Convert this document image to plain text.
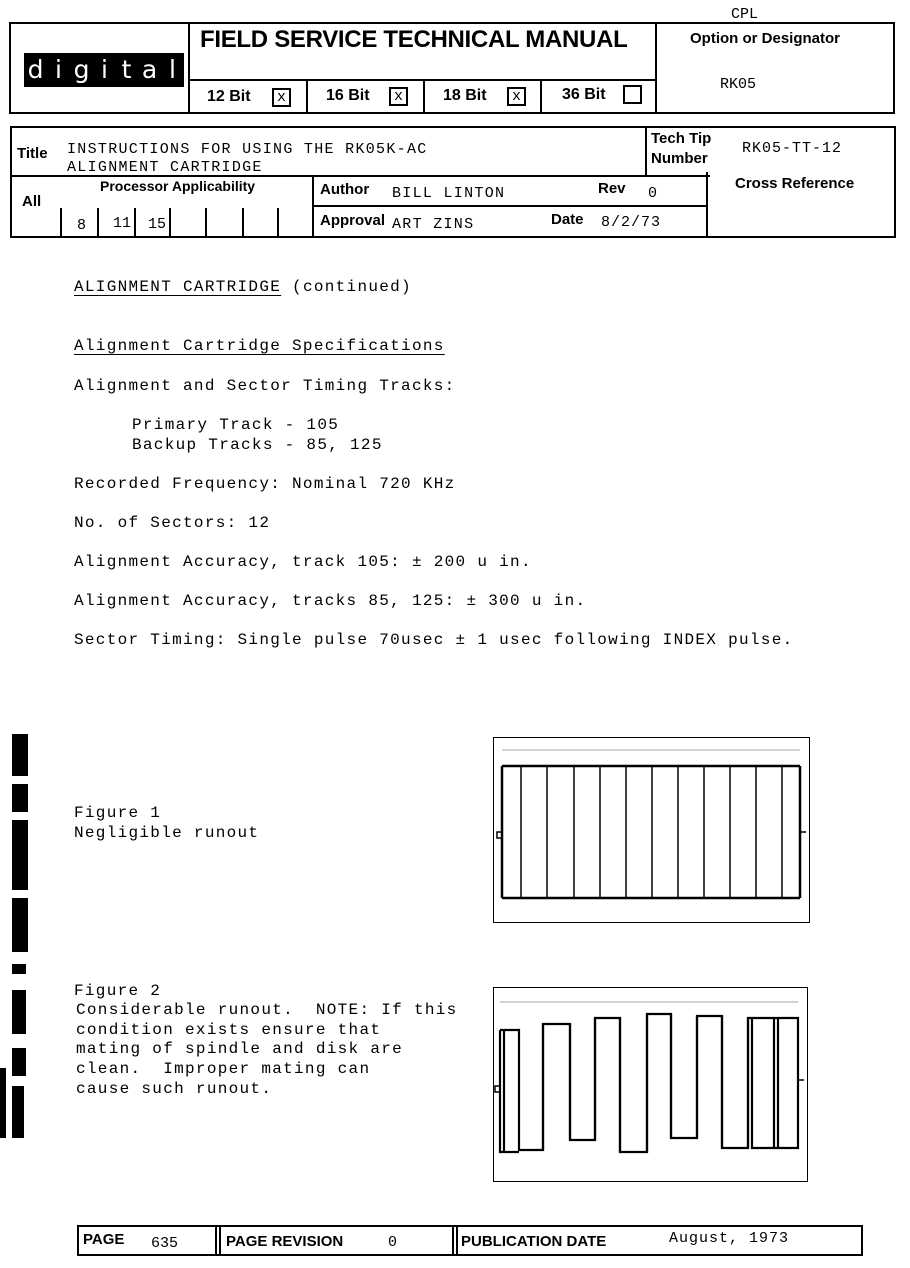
CPL
d i g i t a l
FIELD SERVICE TECHNICAL MANUAL	Option or Designator
RK05
12 Bit	x	16 Bit	x	18 Bit	x	36 Bit
Title INSTRUCTIONS FOR USING THE RK05K-AC
ALIGNMENT CARTRIDGE
Tech Tip
Number
RK05-TT-12
All
Processor Applicability
8 11 15
Author BILL LINTON	Rev 0
Approval ART ZINS	Date 8/2/73
Cross Reference
ALIGNMENT CARTRIDGE (continued)
Alignment Cartridge Specifications
Alignment and Sector Timing Tracks:
Primary Track - 105
Backup Tracks - 85, 125
Recorded Frequency: Nominal 720 KHz
No. of Sectors: 12
Alignment Accuracy, track 105: ± 200 u in.
Alignment Accuracy, tracks 85, 125: ± 300 u in.
Sector Timing: Single pulse 70usec ± 1 usec following INDEX pulse.
Figure 1
Negligible runout
Figure 2
Considerable runout.  NOTE: If this
condition exists ensure that
mating of spindle and disk are
clean.  Improper mating can
cause such runout.
PAGE 635	PAGE REVISION	0	PUBLICATION DATE	August, 1973
